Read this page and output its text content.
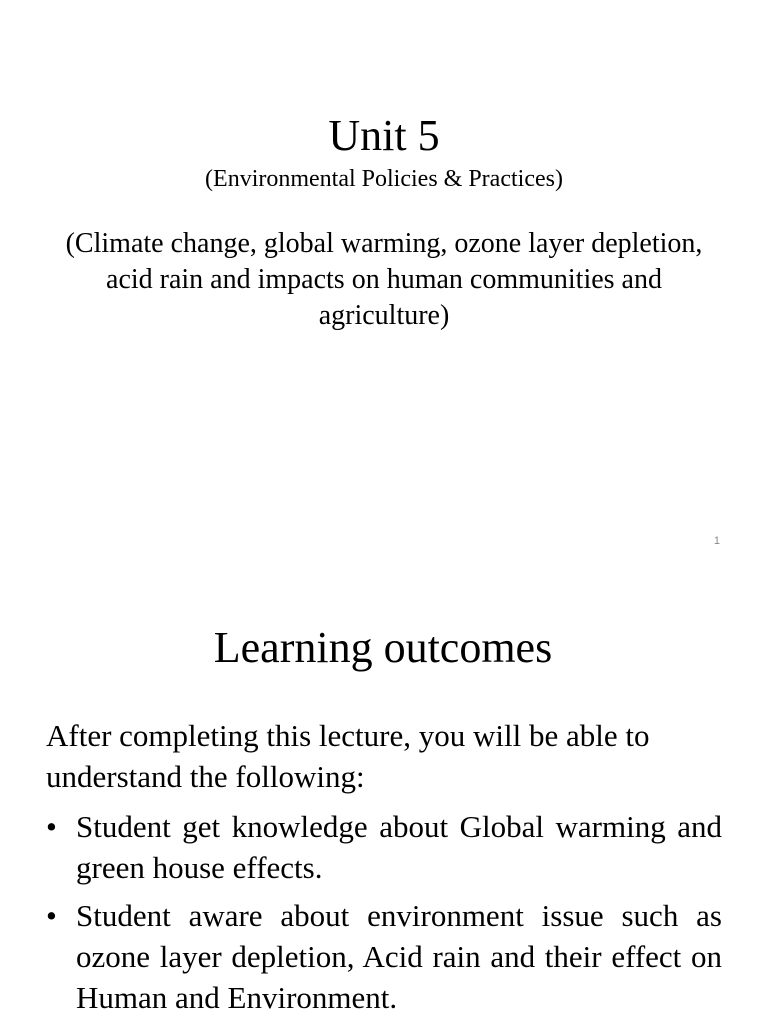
Unit 5

(Environmental Policies & Practices)

(Climate change, global warming, ozone layer depletion, acid rain and impacts on human communities and agriculture)

1
Learning outcomes

After completing this lecture, you will be able to understand the following:

• Student get knowledge about Global warming and green house effects.
• Student aware about environment issue such as ozone layer depletion, Acid rain and their effect on Human and Environment.
